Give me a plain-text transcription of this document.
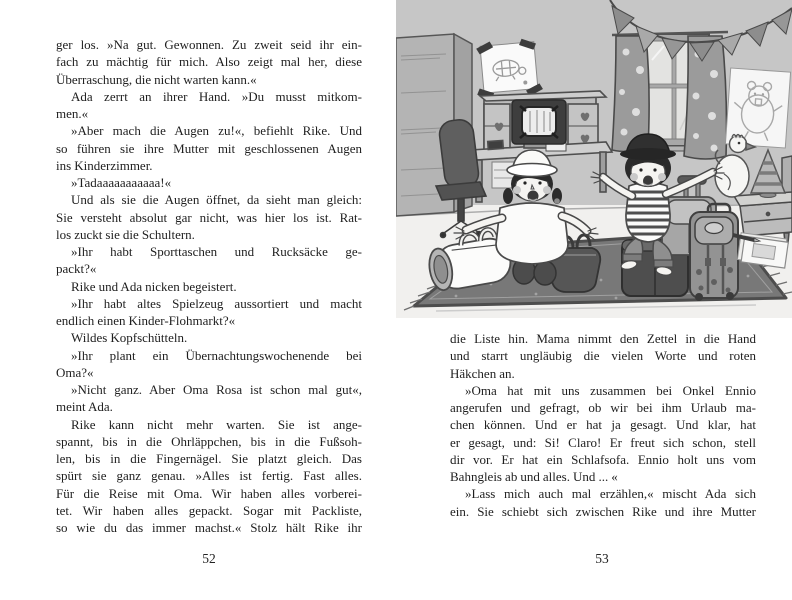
ger los. »Na gut. Gewonnen. Zu zweit seid ihr ein-
fach zu mächtig für mich. Also zeigt mal her, diese
Überraschung, die nicht warten kann.«
Ada zerrt an ihrer Hand. »Du musst mitkom-
men.«
»Aber mach die Augen zu!«, befiehlt Rike. Und
so führen sie ihre Mutter mit geschlossenen Augen
ins Kinderzimmer.
»Tadaaaaaaaaaaa!«
Und als sie die Augen öffnet, da sieht man gleich:
Sie versteht absolut gar nicht, was hier los ist. Rat-
los zuckt sie die Schultern.
»Ihr habt Sporttaschen und Rucksäcke ge-
packt?«
Rike und Ada nicken begeistert.
»Ihr habt altes Spielzeug aussortiert und macht
endlich einen Kinder-Flohmarkt?«
Wildes Kopfschütteln.
»Ihr plant ein Übernachtungswochenende bei
Oma?«
»Nicht ganz. Aber Oma Rosa ist schon mal gut«,
meint Ada.
Rike kann nicht mehr warten. Sie ist ange-
spannt, bis in die Ohrläppchen, bis in die Fußsoh-
len, bis in die Fingernägel. Sie platzt gleich. Das
spürt sie ganz genau. »Alles ist fertig. Fast alles.
Für die Reise mit Oma. Wir haben alles vorberei-
tet. Wir haben alles gepackt. Sogar mit Packliste,
so wie du das immer machst.« Stolz hält Rike ihr
52
die Liste hin. Mama nimmt den Zettel in die Hand
und starrt ungläubig die vielen Worte und roten
Häkchen an.
»Oma hat mit uns zusammen bei Onkel Ennio
angerufen und gefragt, ob wir bei ihm Urlaub ma-
chen können. Und er hat ja gesagt. Und klar, hat
er gesagt, und: Si! Claro! Er freut sich schon, stell
dir vor. Er hat ein Schlafsofa. Ennio holt uns vom
Bahngleis ab und alles. Und ... «
»Lass mich auch mal erzählen,« mischt Ada sich
ein. Sie schiebt sich zwischen Rike und ihre Mutter
53
